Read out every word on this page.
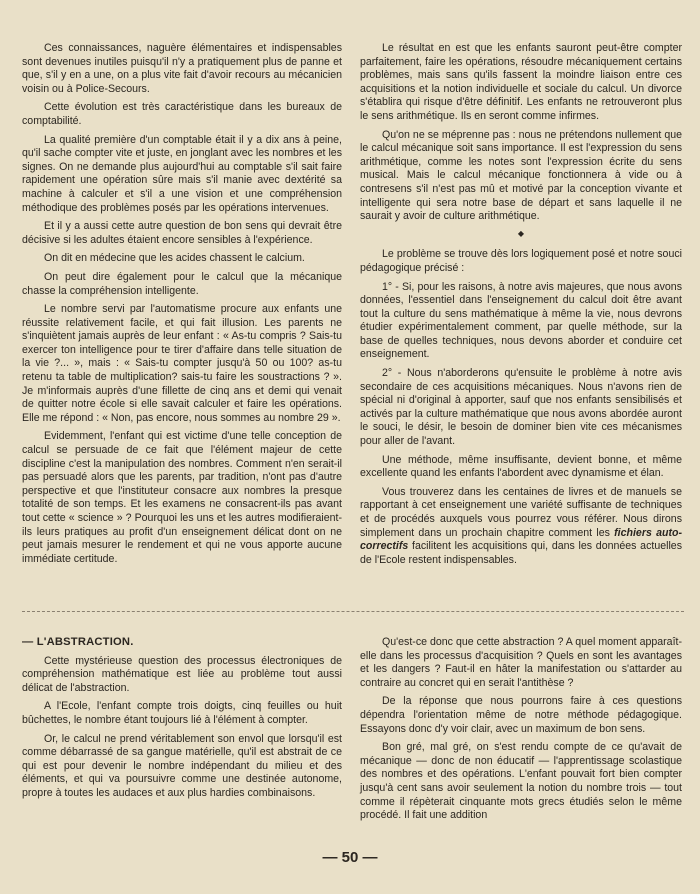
Ces connaissances, naguère élémentaires et indispensables sont devenues inutiles puisqu'il n'y a pratiquement plus de panne et que, s'il y en a une, on a plus vite fait d'avoir recours au mécanicien voisin ou à Police-Secours.

Cette évolution est très caractéristique dans les bureaux de comptabilité.

La qualité première d'un comptable était il y a dix ans à peine, qu'il sache compter vite et juste, en jonglant avec les nombres et les signes. On ne demande plus aujourd'hui au comptable s'il sait faire rapidement une opération sûre mais s'il manie avec dextérité sa machine à calculer et s'il a une vision et une compréhension méthodique des problèmes posés par les opérations intervenues.

Et il y a aussi cette autre question de bon sens qui devrait être décisive si les adultes étaient encore sensibles à l'expérience.

On dit en médecine que les acides chassent le calcium.

On peut dire également pour le calcul que la mécanique chasse la compréhension intelligente.

Le nombre servi par l'automatisme procure aux enfants une réussite relativement facile, et qui fait illusion. Les parents ne s'inquiètent jamais auprès de leur enfant : « As-tu compris ? Sais-tu exercer ton intelligence pour te tirer d'affaire dans telle situation de la vie ?... », mais : « Sais-tu compter jusqu'à 50 ou 100? as-tu retenu ta table de multiplication? sais-tu faire les soustractions ? ». Je m'informais auprès d'une fillette de cinq ans et demi qui venait de quitter notre école si elle savait calculer et faire les opérations. Elle me répond : « Non, pas encore, nous sommes au nombre 29 ».

Evidemment, l'enfant qui est victime d'une telle conception de calcul se persuade de ce fait que l'élément majeur de cette discipline c'est la manipulation des nombres. Comment n'en serait-il pas persuadé alors que les parents, par tradition, n'ont pas d'autre perspective et que l'instituteur consacre aux nombres la presque totalité de son temps. Et les examens ne consacrent-ils pas avant tout cette « science » ? Pourquoi les uns et les autres modifieraient-ils leurs pratiques au profit d'un enseignement délicat dont on ne peut jamais mesurer le rendement et qui ne vous apporte aucune immédiate certitude.

Le résultat en est que les enfants sauront peut-être compter parfaitement, faire les opérations, résoudre mécaniquement certains problèmes, mais sans qu'ils fassent la moindre liaison entre ces acquisitions et la notion individuelle et sociale du calcul. Un divorce s'établira qui risque d'être définitif. Les enfants ne retrouveront plus le sens arithmétique. Ils en seront comme infirmes.

Qu'on ne se méprenne pas : nous ne prétendons nullement que le calcul mécanique soit sans importance. Il est l'expression du sens arithmétique, comme les notes sont l'expression écrite du sens musical. Mais le calcul mécanique fonctionnera à vide ou à contresens s'il n'est pas mû et motivé par la conception vivante et intelligente qui sera notre base de départ et sans laquelle il ne saurait y avoir de culture arithmétique.

◆

Le problème se trouve dès lors logiquement posé et notre souci pédagogique précisé :

1° - Si, pour les raisons, à notre avis majeures, que nous avons données, l'essentiel dans l'enseignement du calcul doit être avant tout la culture du sens mathématique à même la vie, nous devrons étudier expérimentalement comment, par quelle méthode, sur la base de quelles techniques, nous devons aborder et conduire cet enseignement.

2° - Nous n'aborderons qu'ensuite le problème à notre avis secondaire de ces acquisitions mécaniques. Nous n'avons rien de spécial ni d'original à apporter, sauf que nos enfants sensibilisés et activés par la culture mathématique que nous avons abordée auront le souci, le désir, le besoin de dominer bien vite ces mécanismes pour aller de l'avant.

Une méthode, même insuffisante, devient bonne, et même excellente quand les enfants l'abordent avec dynamisme et élan.

Vous trouverez dans les centaines de livres et de manuels se rapportant à cet enseignement une variété suffisante de techniques et de procédés auxquels vous pourrez vous référer. Nous dirons simplement dans un prochain chapitre comment les fichiers auto-correctifs facilitent les acquisitions qui, dans les données actuelles de l'Ecole restent indispensables.

— L'ABSTRACTION.

Cette mystérieuse question des processus électroniques de compréhension mathématique est liée au problème tout aussi délicat de l'abstraction.

A l'Ecole, l'enfant compte trois doigts, cinq feuilles ou huit bûchettes, le nombre étant toujours lié à l'élément à compter.

Or, le calcul ne prend véritablement son envol que lorsqu'il est comme débarrassé de sa gangue matérielle, qu'il est abstrait de ce qui est pour devenir le nombre indépendant du milieu et des éléments, et qui va poursuivre comme une destinée autonome, propre à toutes les audaces et aux plus hardies combinaisons.

Qu'est-ce donc que cette abstraction ? A quel moment apparaît-elle dans les processus d'acquisition ? Quels en sont les avantages et les dangers ? Faut-il en hâter la manifestation ou s'attarder au contraire au concret qui en serait l'antithèse ?

De la réponse que nous pourrons faire à ces questions dépendra l'orientation même de notre méthode pédagogique. Essayons donc d'y voir clair, avec un maximum de bon sens.

Bon gré, mal gré, on s'est rendu compte de ce qu'avait de mécanique — donc de non éducatif — l'apprentissage scolastique des nombres et des opérations. L'enfant pouvait fort bien compter jusqu'à cent sans avoir seulement la notion du nombre trois — tout comme il répèterait cinquante mots grecs étudiés selon le même procédé. Il fait une addition

— 50 —
